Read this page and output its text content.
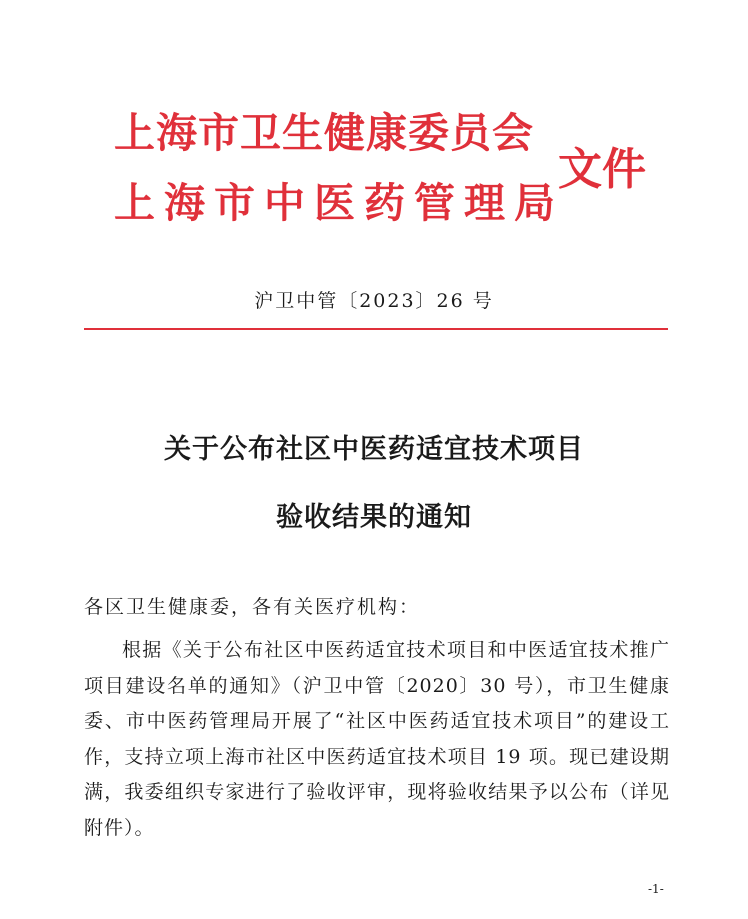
上海市卫生健康委员会
上海市中医药管理局
文件
沪卫中管〔2023〕26 号
关于公布社区中医药适宜技术项目
验收结果的通知
各区卫生健康委，各有关医疗机构：

根据《关于公布社区中医药适宜技术项目和中医适宜技术推广项目建设名单的通知》（沪卫中管〔2020〕30 号），市卫生健康委、市中医药管理局开展了“社区中医药适宜技术项目”的建设工作，支持立项上海市社区中医药适宜技术项目 19 项。现已建设期满，我委组织专家进行了验收评审，现将验收结果予以公布（详见附件）。

-1-
